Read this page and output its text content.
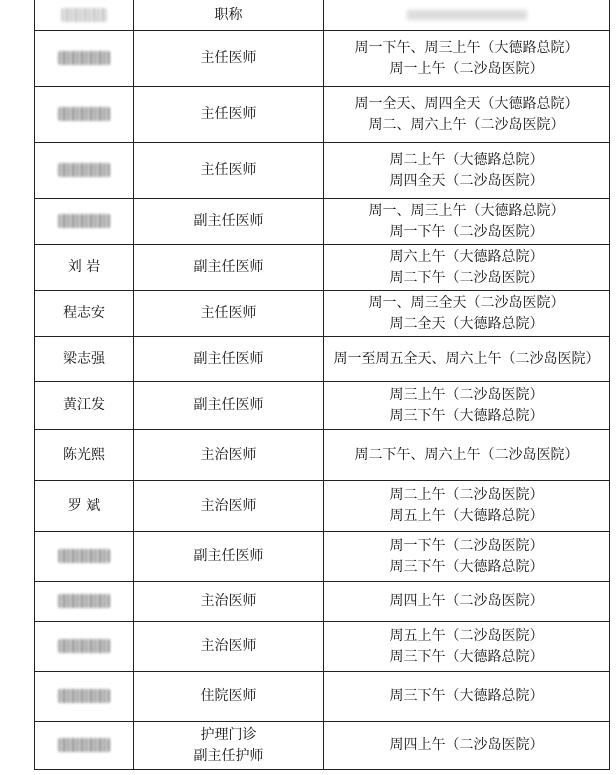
	职称	

	主任医师	周一下午、周三上午（大德路总院）
周一上午（二沙岛医院）

	主任医师	周一全天、周四全天（大德路总院）
周二、周六上午（二沙岛医院）

	主任医师	周二上午（大德路总院）
周四全天（二沙岛医院）

	副主任医师	周一、周三上午（大德路总院）
周一下午（二沙岛医院）

刘 岩	副主任医师	周六上午（大德路总院）
周二下午（二沙岛医院）

程志安	主任医师	周一、周三全天（二沙岛医院）
周二全天（大德路总院）

梁志强	副主任医师	周一至周五全天、周六上午（二沙岛医院）

黄江发	副主任医师	周三上午（二沙岛医院）
周三下午（大德路总院）

陈光熙	主治医师	周二下午、周六上午（二沙岛医院）

罗 斌	主治医师	周二上午（二沙岛医院）
周五上午（大德路总院）

	副主任医师	周一下午（二沙岛医院）
周三下午（大德路总院）

	主治医师	周四上午（二沙岛医院）

	主治医师	周五上午（二沙岛医院）
周三下午（大德路总院）

	住院医师	周三下午（大德路总院）

	护理门诊
副主任护师	周四上午（二沙岛医院）
